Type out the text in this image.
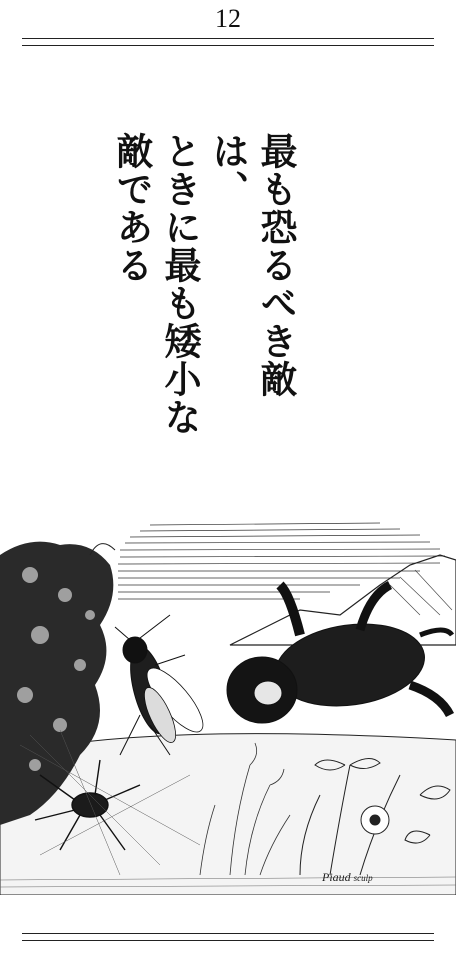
12
最も恐るべき敵は、
ときに最も矮小な
敵である
Piaud sculp
